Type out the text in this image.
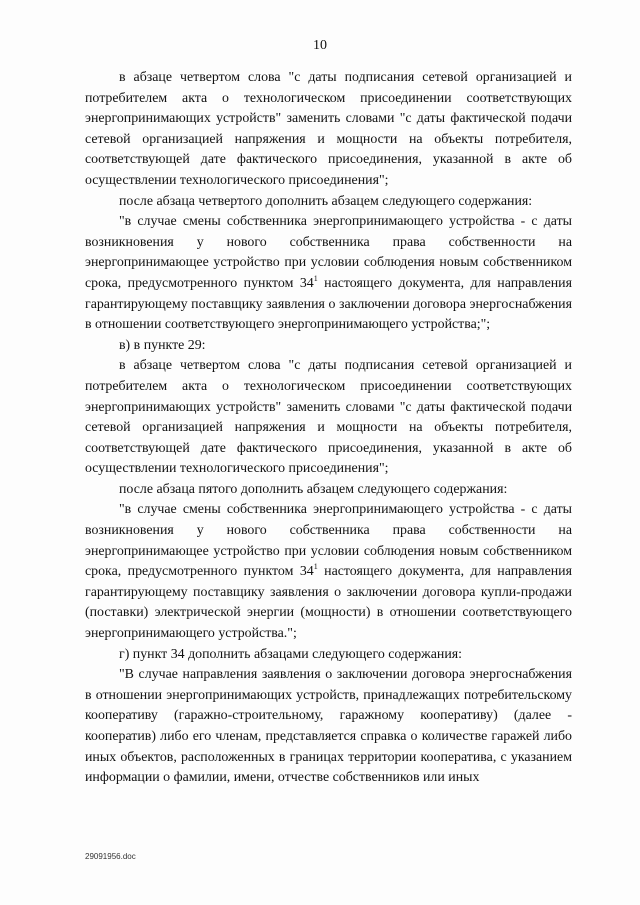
10

в абзаце четвертом слова "с даты подписания сетевой организацией и потребителем акта о технологическом присоединении соответствующих энергопринимающих устройств" заменить словами "с даты фактической подачи сетевой организацией напряжения и мощности на объекты потребителя, соответствующей дате фактического присоединения, указанной в акте об осуществлении технологического присоединения";

после абзаца четвертого дополнить абзацем следующего содержания:

"в случае смены собственника энергопринимающего устройства - с даты возникновения у нового собственника права собственности на энергопринимающее устройство при условии соблюдения новым собственником срока, предусмотренного пунктом $34^1$ настоящего документа, для направления гарантирующему поставщику заявления о заключении договора энергоснабжения в отношении соответствующего энергопринимающего устройства;";

в) в пункте 29:

в абзаце четвертом слова "с даты подписания сетевой организацией и потребителем акта о технологическом присоединении соответствующих энергопринимающих устройств" заменить словами "с даты фактической подачи сетевой организацией напряжения и мощности на объекты потребителя, соответствующей дате фактического присоединения, указанной в акте об осуществлении технологического присоединения";

после абзаца пятого дополнить абзацем следующего содержания:

"в случае смены собственника энергопринимающего устройства - с даты возникновения у нового собственника права собственности на энергопринимающее устройство при условии соблюдения новым собственником срока, предусмотренного пунктом $34^1$ настоящего документа, для направления гарантирующему поставщику заявления о заключении договора купли-продажи (поставки) электрической энергии (мощности) в отношении соответствующего энергопринимающего устройства.";

г) пункт 34 дополнить абзацами следующего содержания:

"В случае направления заявления о заключении договора энергоснабжения в отношении энергопринимающих устройств, принадлежащих потребительскому кооперативу (гаражно-строительному, гаражному кооперативу) (далее - кооператив) либо его членам, представляется справка о количестве гаражей либо иных объектов, расположенных в границах территории кооператива, с указанием информации о фамилии, имени, отчестве собственников или иных

29091956.doc
